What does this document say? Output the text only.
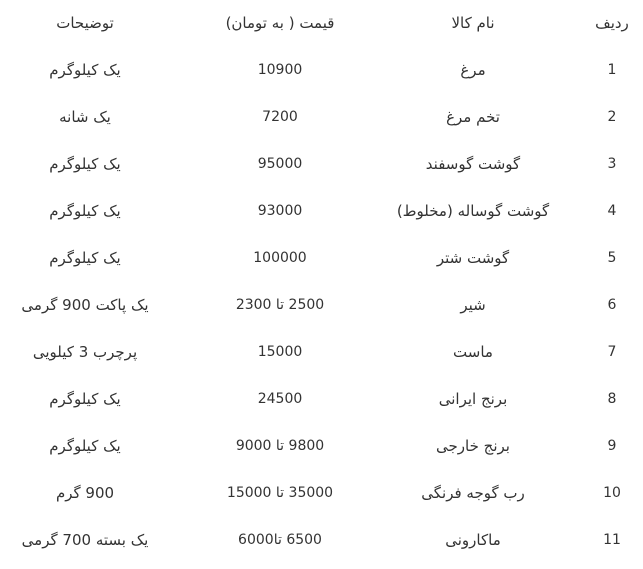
ردیف
نام کالا
قیمت ( به تومان)
توضیحات
1
مرغ
10900
یک کیلوگرم
2
تخم مرغ
7200
یک شانه
3
گوشت گوسفند
95000
یک کیلوگرم
4
گوشت گوساله (مخلوط)
93000
یک کیلوگرم
5
گوشت شتر
100000
یک کیلوگرم
6
شیر
2500 تا 2300
یک پاکت 900 گرمی
7
ماست
15000
پرچرب 3 کیلویی
8
برنج ایرانی
24500
یک کیلوگرم
9
برنج خارجی
9800 تا 9000
یک کیلوگرم
10
رب گوجه فرنگی
35000 تا 15000
900 گرم
11
ماکارونی
6500 تا6000
یک بسته 700 گرمی
